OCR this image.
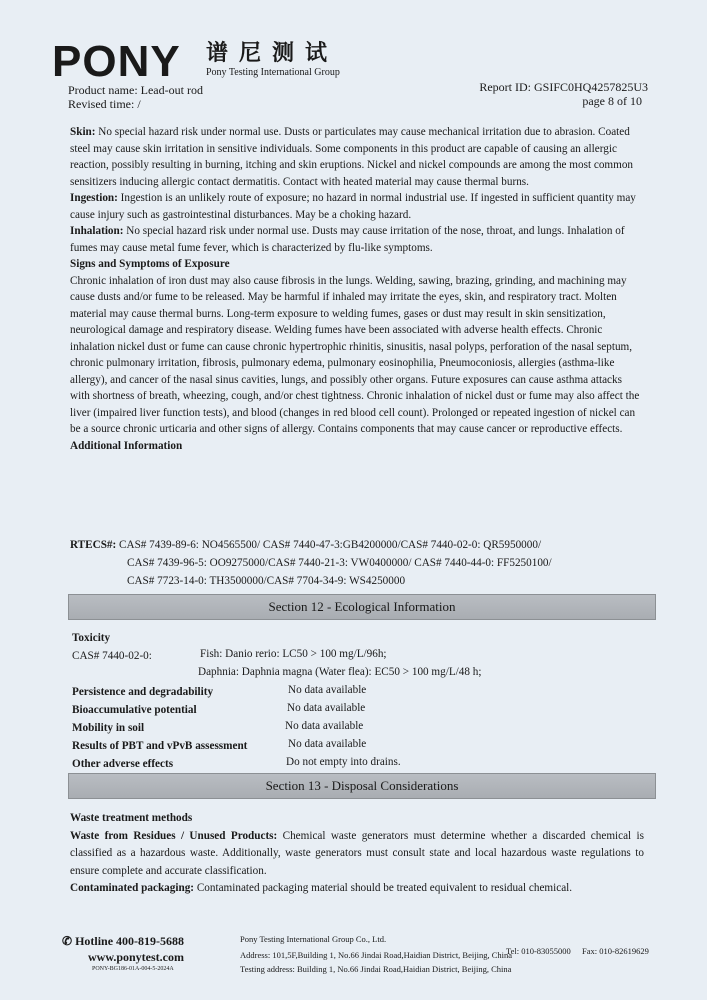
PONY 谱尼测试
Pony Testing International Group
Product name: Lead-out rod
Revised time: /
Report ID: GSIFC0HQ4257825U3
page 8 of 10

Skin: No special hazard risk under normal use. Dusts or particulates may cause mechanical irritation due to abrasion. Coated steel may cause skin irritation in sensitive individuals. Some components in this product are capable of causing an allergic reaction, possibly resulting in burning, itching and skin eruptions. Nickel and nickel compounds are among the most common sensitizers inducing allergic contact dermatitis. Contact with heated material may cause thermal burns.

Ingestion: Ingestion is an unlikely route of exposure; no hazard in normal industrial use. If ingested in sufficient quantity may cause injury such as gastrointestinal disturbances. May be a choking hazard.

Inhalation: No special hazard risk under normal use. Dusts may cause irritation of the nose, throat, and lungs. Inhalation of fumes may cause metal fume fever, which is characterized by flu-like symptoms.

Signs and Symptoms of Exposure

Chronic inhalation of iron dust may also cause fibrosis in the lungs. Welding, sawing, brazing, grinding, and machining may cause dusts and/or fume to be released. May be harmful if inhaled may irritate the eyes, skin, and respiratory tract. Molten material may cause thermal burns. Long-term exposure to welding fumes, gases or dust may result in skin sensitization, neurological damage and respiratory disease. Welding fumes have been associated with adverse health effects. Chronic inhalation nickel dust or fume can cause chronic hypertrophic rhinitis, sinusitis, nasal polyps, perforation of the nasal septum, chronic pulmonary irritation, fibrosis, pulmonary edema, pulmonary eosinophilia, Pneumoconiosis, allergies (asthma-like allergy), and cancer of the nasal sinus cavities, lungs, and possibly other organs. Future exposures can cause asthma attacks with shortness of breath, wheezing, cough, and/or chest tightness. Chronic inhalation of nickel dust or fume may also affect the liver (impaired liver function tests), and blood (changes in red blood cell count). Prolonged or repeated ingestion of nickel can be a source chronic urticaria and other signs of allergy. Contains components that may cause cancer or reproductive effects.

Additional Information

RTECS#: CAS# 7439-89-6: NO4565500/ CAS# 7440-47-3:GB4200000/CAS# 7440-02-0: QR5950000/
CAS# 7439-96-5: OO9275000/CAS# 7440-21-3: VW0400000/ CAS# 7440-44-0: FF5250100/
CAS# 7723-14-0: TH3500000/CAS# 7704-34-9: WS4250000
Section 12 - Ecological Information
Toxicity
CAS# 7440-02-0:	Fish: Danio rerio: LC50 > 100 mg/L/96h;
Daphnia: Daphnia magna (Water flea): EC50 > 100 mg/L/48 h;
Persistence and degradability	No data available
Bioaccumulative potential	No data available
Mobility in soil	No data available
Results of PBT and vPvB assessment	No data available
Other adverse effects	Do not empty into drains.
Section 13 - Disposal Considerations

Waste treatment methods

Waste from Residues / Unused Products: Chemical waste generators must determine whether a discarded chemical is classified as a hazardous waste. Additionally, waste generators must consult state and local hazardous waste regulations to ensure complete and accurate classification.

Contaminated packaging: Contaminated packaging material should be treated equivalent to residual chemical.

✆ Hotline 400-819-5688
www.ponytest.com
PONY-BG186-01A-004-5-2024A
Pony Testing International Group Co., Ltd.
Address: 101,5F,Building 1, No.66 Jindai Road,Haidian District, Beijing, China
Tel: 010-83055000 Fax: 010-82619629
Testing address: Building 1, No.66 Jindai Road,Haidian District, Beijing, China
